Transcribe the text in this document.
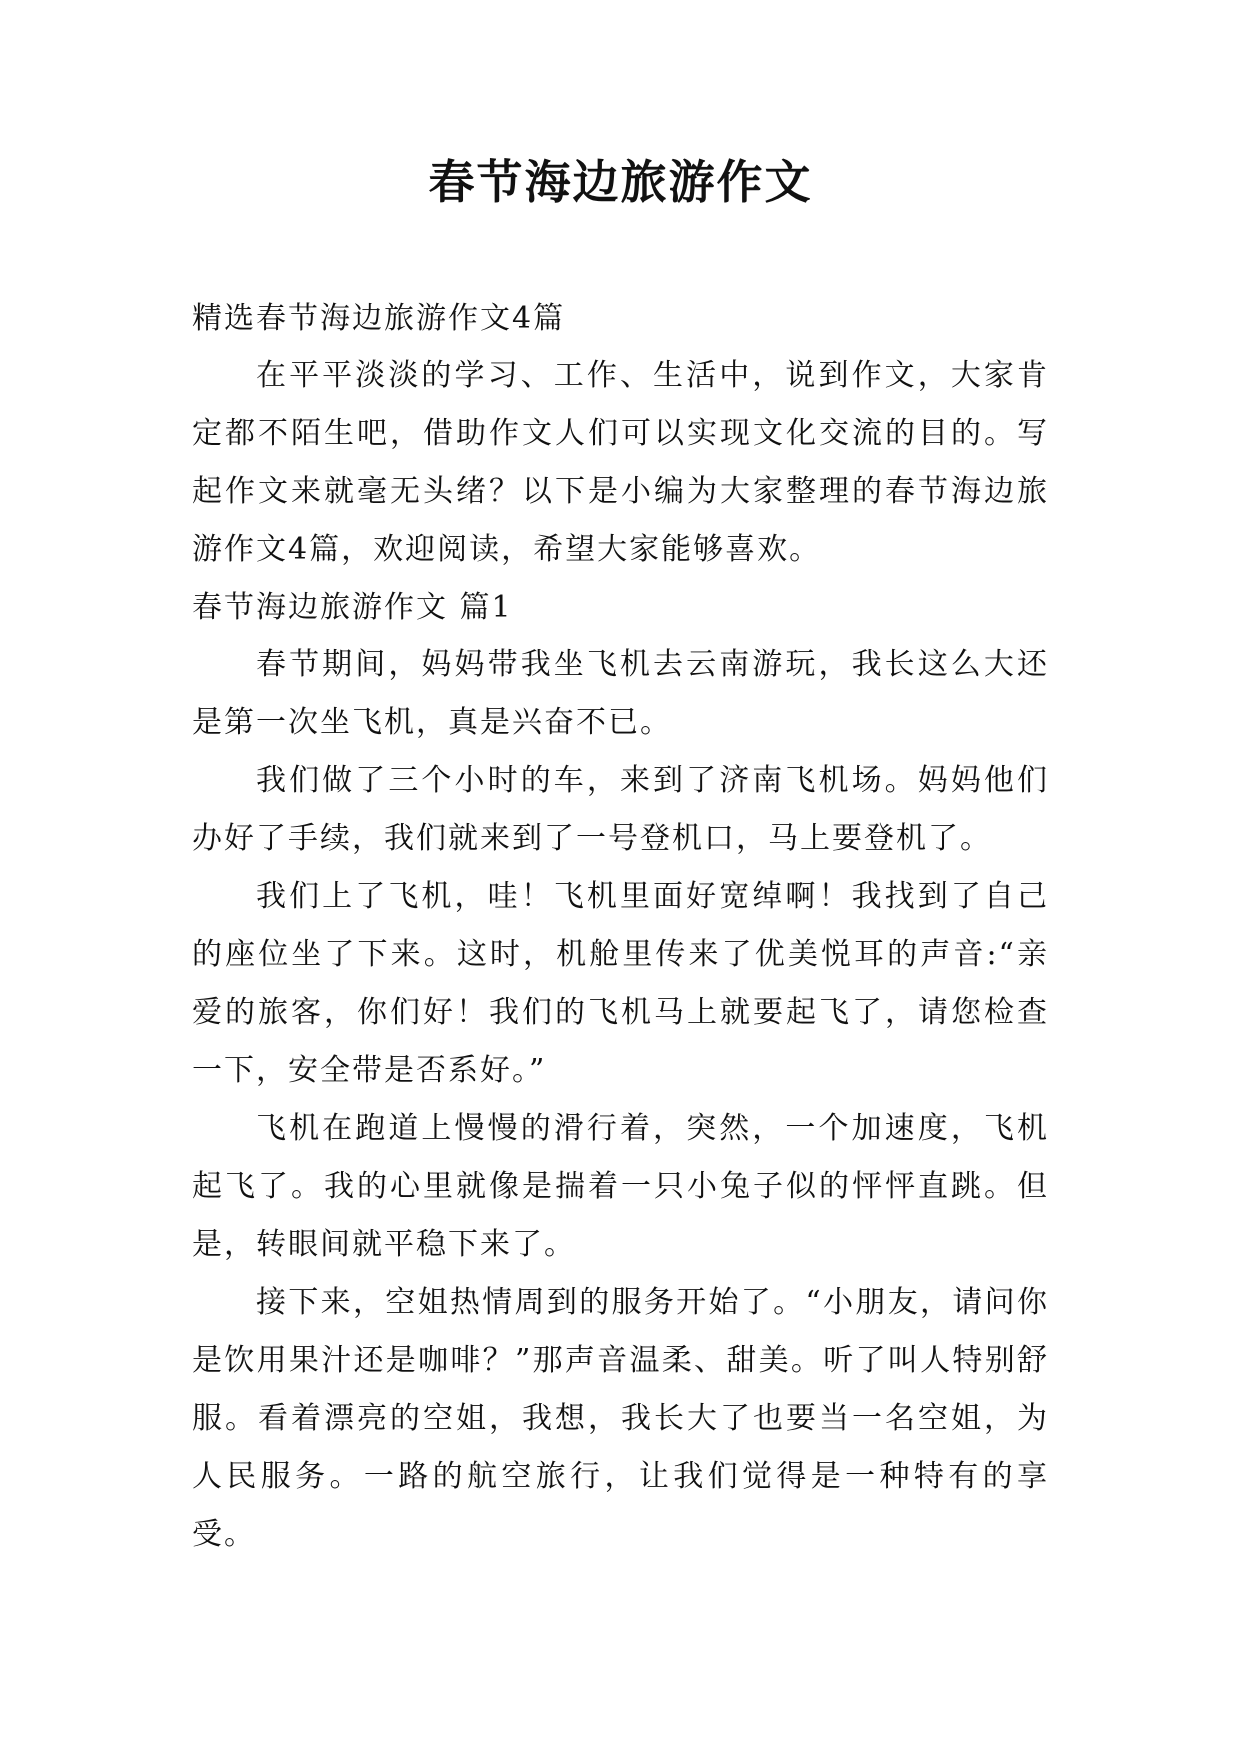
春节海边旅游作文

精选春节海边旅游作文4篇

在平平淡淡的学习、工作、生活中，说到作文，大家肯定都不陌生吧，借助作文人们可以实现文化交流的目的。写起作文来就毫无头绪？以下是小编为大家整理的春节海边旅游作文4篇，欢迎阅读，希望大家能够喜欢。

春节海边旅游作文 篇1

春节期间，妈妈带我坐飞机去云南游玩，我长这么大还是第一次坐飞机，真是兴奋不已。

我们做了三个小时的车，来到了济南飞机场。妈妈他们办好了手续，我们就来到了一号登机口，马上要登机了。

我们上了飞机，哇！飞机里面好宽绰啊！我找到了自己的座位坐了下来。这时，机舱里传来了优美悦耳的声音:“亲爱的旅客，你们好！我们的飞机马上就要起飞了，请您检查一下，安全带是否系好。”

飞机在跑道上慢慢的滑行着，突然，一个加速度，飞机起飞了。我的心里就像是揣着一只小兔子似的怦怦直跳。但是，转眼间就平稳下来了。

接下来，空姐热情周到的服务开始了。“小朋友，请问你是饮用果汁还是咖啡？”那声音温柔、甜美。听了叫人特别舒服。看着漂亮的空姐，我想，我长大了也要当一名空姐，为人民服务。一路的航空旅行，让我们觉得是一种特有的享受。
